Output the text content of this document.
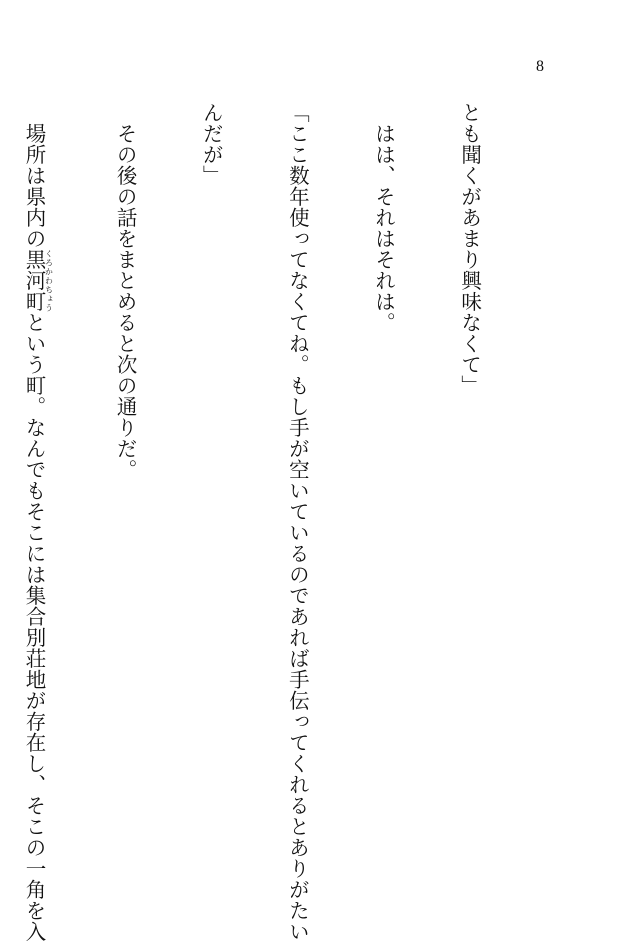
8

とも聞くがあまり興味なくて」

　はは、それはそれは。

「ここ数年使ってなくてね。もし手が空いているのであれば手伝ってくれるとありがたい

んだが」

　その後の話をまとめると次の通りだ。

　場所は県内の黒河町くろかわちょうという町。なんでもそこには集合別荘地が存在し、そこの一角を入
